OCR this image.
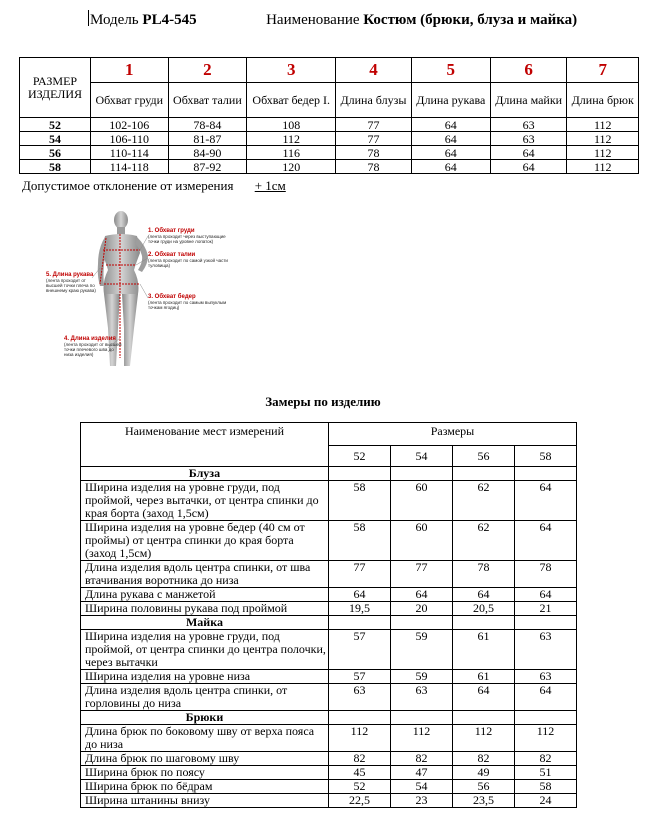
Модель PL4-545	Наименование Костюм (брюки, блуза и майка)
РАЗМЕР ИЗДЕЛИЯ	1	2	3	4	5	6	7
	Обхват груди	Обхват талии	Обхват бедер I.	Длина блузы	Длина рукава	Длина майки	Длина брюк
52	102-106	78-84	108	77	64	63	112
54	106-110	81-87	112	77	64	63	112
56	110-114	84-90	116	78	64	64	112
58	114-118	87-92	120	78	64	64	112
Допустимое отклонение от измерения + 1см
1. Обхват груди
(лента проходит через выступающие точки груди на уровне лопаток)
2. Обхват талии
(лента проходит по самой узкой части туловища)
3. Обхват бедер
(лента проходит по самым выпуклым точкам ягодиц)
5. Длина рукава
(лента проходит от высшей точки плеча по внешнему краю рукава)
4. Длина изделия
(лента проходит от высшей точки плечевого шва до низа изделия)
Замеры по изделию
Наименование мест измерений	Размеры			
	52	54	56	58
Блуза				
Ширина изделия на уровне груди, под проймой, через вытачки, от центра спинки до края борта (заход 1,5см)	58	60	62	64
Ширина изделия на уровне бедер (40 см от проймы) от центра спинки до края борта (заход 1,5см)	58	60	62	64
Длина изделия вдоль центра спинки, от шва втачивания воротника до низа	77	77	78	78
Длина рукава с манжетой	64	64	64	64
Ширина половины рукава под проймой	19,5	20	20,5	21
Майка				
Ширина изделия на уровне груди, под проймой, от центра спинки до центра полочки, через вытачки	57	59	61	63
Ширина изделия на уровне низа	57	59	61	63
Длина изделия вдоль центра спинки, от горловины до низа	63	63	64	64
Брюки				
Длина брюк по боковому шву от верха пояса до низа	112	112	112	112
Длина брюк по шаговому шву	82	82	82	82
Ширина брюк по поясу	45	47	49	51
Ширина брюк по бёдрам	52	54	56	58
Ширина штанины внизу	22,5	23	23,5	24
